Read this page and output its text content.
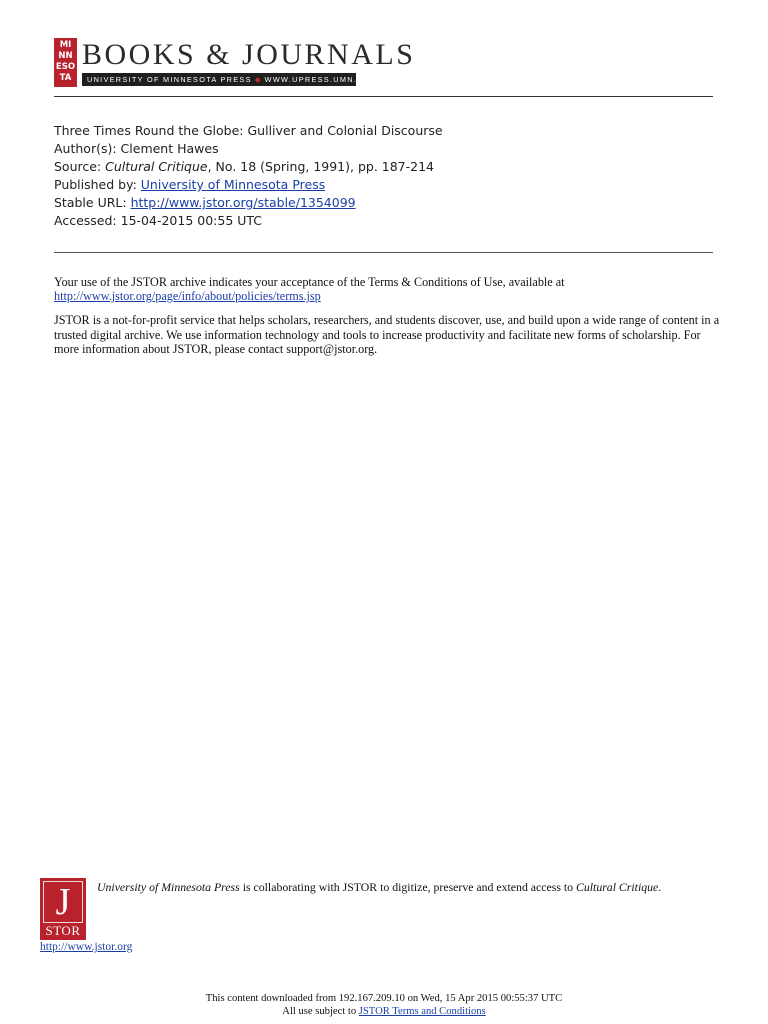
MI
NN
ESO
TA
BOOKS & JOURNALS
UNIVERSITY OF MINNESOTA PRESS ◆ WWW.UPRESS.UMN.EDU
Three Times Round the Globe: Gulliver and Colonial Discourse
Author(s): Clement Hawes
Source: Cultural Critique, No. 18 (Spring, 1991), pp. 187-214
Published by: University of Minnesota Press
Stable URL: http://www.jstor.org/stable/1354099
Accessed: 15-04-2015 00:55 UTC

Your use of the JSTOR archive indicates your acceptance of the Terms & Conditions of Use, available at
http://www.jstor.org/page/info/about/policies/terms.jsp

JSTOR is a not-for-profit service that helps scholars, researchers, and students discover, use, and build upon a wide range of content in a trusted digital archive. We use information technology and tools to increase productivity and facilitate new forms of scholarship. For more information about JSTOR, please contact support@jstor.org.

J
STOR
http://www.jstor.org
University of Minnesota Press is collaborating with JSTOR to digitize, preserve and extend access to Cultural Critique.
This content downloaded from 192.167.209.10 on Wed, 15 Apr 2015 00:55:37 UTC
All use subject to JSTOR Terms and Conditions
